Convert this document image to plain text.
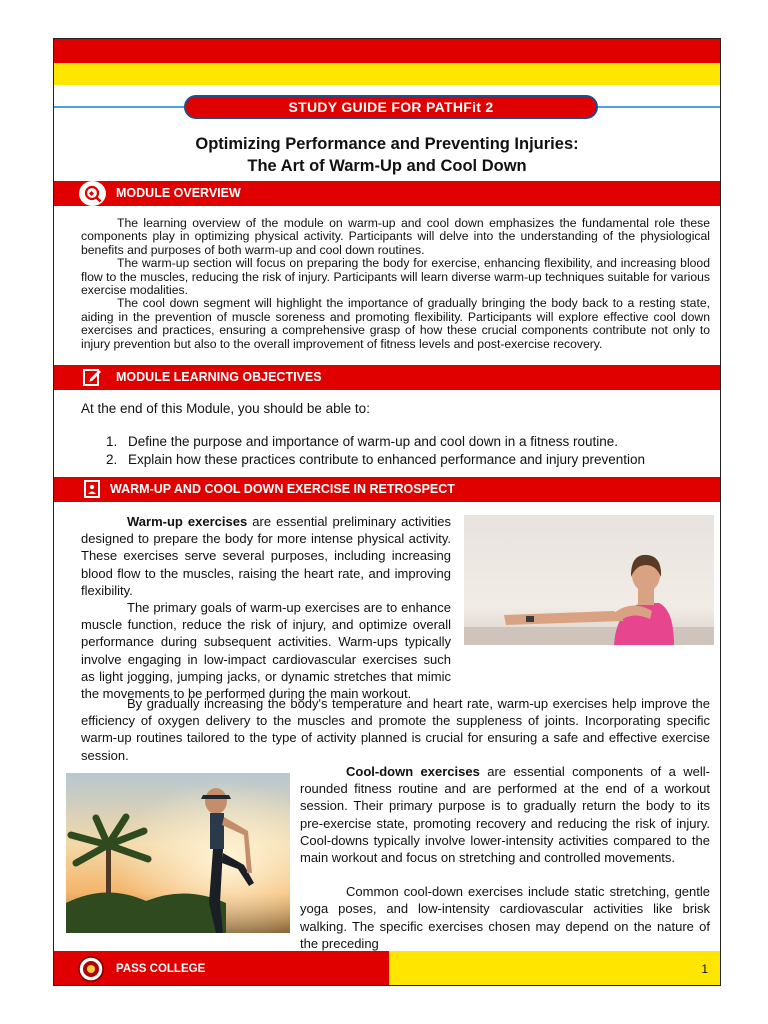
STUDY GUIDE FOR PATHFit 2
Optimizing Performance and Preventing Injuries:
The Art of Warm-Up and Cool Down
MODULE OVERVIEW

The learning overview of the module on warm-up and cool down emphasizes the fundamental role these components play in optimizing physical activity. Participants will delve into the understanding of the physiological benefits and purposes of both warm-up and cool down routines.

The warm-up section will focus on preparing the body for exercise, enhancing flexibility, and increasing blood flow to the muscles, reducing the risk of injury. Participants will learn diverse warm-up techniques suitable for various exercise modalities.

The cool down segment will highlight the importance of gradually bringing the body back to a resting state, aiding in the prevention of muscle soreness and promoting flexibility. Participants will explore effective cool down exercises and practices, ensuring a comprehensive grasp of how these crucial components contribute not only to injury prevention but also to the overall improvement of fitness levels and post-exercise recovery.

MODULE LEARNING OBJECTIVES
At the end of this Module, you should be able to:
1. Define the purpose and importance of warm-up and cool down in a fitness routine.
2. Explain how these practices contribute to enhanced performance and injury prevention
WARM-UP AND COOL DOWN EXERCISE IN RETROSPECT

Warm-up exercises are essential preliminary activities designed to prepare the body for more intense physical activity. These exercises serve several purposes, including increasing blood flow to the muscles, raising the heart rate, and improving flexibility.

The primary goals of warm-up exercises are to enhance muscle function, reduce the risk of injury, and optimize overall performance during subsequent activities. Warm-ups typically involve engaging in low-impact cardiovascular exercises such as light jogging, jumping jacks, or dynamic stretches that mimic the movements to be performed during the main workout.

By gradually increasing the body's temperature and heart rate, warm-up exercises help improve the efficiency of oxygen delivery to the muscles and promote the suppleness of joints. Incorporating specific warm-up routines tailored to the type of activity planned is crucial for ensuring a safe and effective exercise session.

Cool-down exercises are essential components of a well-rounded fitness routine and are performed at the end of a workout session. Their primary purpose is to gradually return the body to its pre-exercise state, promoting recovery and reducing the risk of injury. Cool-downs typically involve lower-intensity activities compared to the main workout and focus on stretching and controlled movements.

Common cool-down exercises include static stretching, gentle yoga poses, and low-intensity cardiovascular activities like brisk walking. The specific exercises chosen may depend on the nature of the preceding

PASS COLLEGE	1
